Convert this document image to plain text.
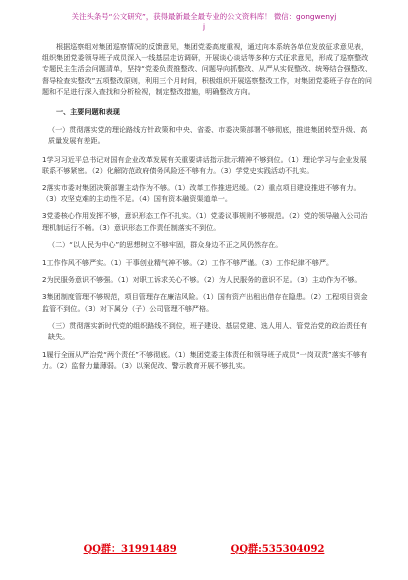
关注头条号“公文研究”，获得最新最全最专业的公文资料库！ 微信：gongwenyj
j

根据巡察组对集团巡察情况的反馈意见，集团党委高度重视，通过向本系统各单位发放征求意见表，组织集团党委领导班子成员深入一线基层走访调研，开展谈心谈话等多种方式征求意见，形成了巡察整改专题民主生活会问题清单，坚持“党委负责推整改、问题导向抓整改、从严从实促整改、统筹结合强整改、督导检查实整改”五项整改原则，利用三个月时间，积极组织开展巡察整改工作，对集团党委班子存在的问题和不足进行深入查找和分析检视，制定整改措施，明确整改方向。

一、主要问题和表现

（一）贯彻落实党的理论路线方针政策和中央、省委、市委决策部署不够彻底，推进集团转型升级、高质量发展有差距。

1学习习近平总书记对国有企业改革发展有关重要讲话指示批示精神不够到位。（1）理论学习与企业发展联系不够紧密。（2）化解防范政府债务风险还不够有力。（3）学党史实践活动不扎实。

2落实市委对集团决策部署主动作为不够。（1）改革工作推进迟缓。（2）重点项目建设推进不够有力。（3）攻坚克难的主动性不足。（4）国有资本融资渠道单一。

3党委核心作用发挥不够，意识形态工作不扎实。（1）党委议事规则不够规范。（2）党的领导融入公司治理机制运行不畅。（3）意识形态工作责任制落实不到位。

（二）“以人民为中心”的思想树立不够牢固，群众身边不正之风仍然存在。

1工作作风不够严实。（1）干事创业精气神不够。（2）工作不够严谨。（3）工作纪律不够严。

2为民服务意识不够强。（1）对职工诉求关心不够。（2）为人民服务的意识不足。（3）主动作为不够。

3集团制度管理不够规范，项目管理存在廉洁风险。（1）国有资产出租出借存在隐患。（2）工程项目资金监管不到位。（3）对下属分（子）公司管理不够严格。

（三）贯彻落实新时代党的组织路线不到位，班子建设、基层党建、选人用人、管党治党的政治责任有缺失。

1履行全面从严治党“两个责任”不够彻底。（1）集团党委主体责任和领导班子成员“一岗双责”落实不够有力。（2）监督力量薄弱。（3）以案促改、警示教育开展不够扎实。

QQ群：31991489	QQ群:535304092
